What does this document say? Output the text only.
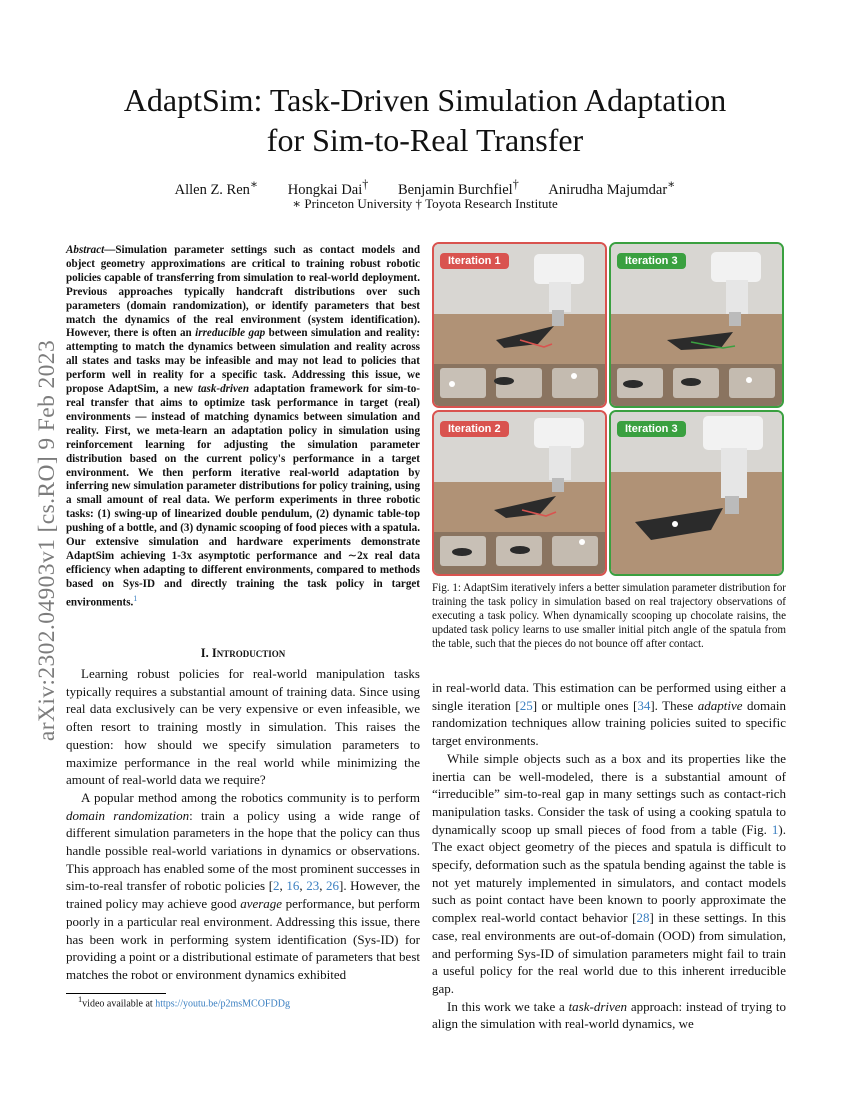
arXiv:2302.04903v1 [cs.RO] 9 Feb 2023
AdaptSim: Task-Driven Simulation Adaptation
for Sim-to-Real Transfer
Allen Z. Ren∗ Hongkai Dai† Benjamin Burchfiel† Anirudha Majumdar∗
∗ Princeton University † Toyota Research Institute

Abstract—Simulation parameter settings such as contact models and object geometry approximations are critical to training robust robotic policies capable of transferring from simulation to real-world deployment. Previous approaches typically handcraft distributions over such parameters (domain randomization), or identify parameters that best match the dynamics of the real environment (system identification). However, there is often an irreducible gap between simulation and reality: attempting to match the dynamics between simulation and reality across all states and tasks may be infeasible and may not lead to policies that perform well in reality for a specific task. Addressing this issue, we propose AdaptSim, a new task-driven adaptation framework for sim-to-real transfer that aims to optimize task performance in target (real) environments — instead of matching dynamics between simulation and reality. First, we meta-learn an adaptation policy in simulation using reinforcement learning for adjusting the simulation parameter distribution based on the current policy's performance in a target environment. We then perform iterative real-world adaptation by inferring new simulation parameter distributions for policy training, using a small amount of real data. We perform experiments in three robotic tasks: (1) swing-up of linearized double pendulum, (2) dynamic table-top pushing of a bottle, and (3) dynamic scooping of food pieces with a spatula. Our extensive simulation and hardware experiments demonstrate AdaptSim achieving 1-3x asymptotic performance and ∼2x real data efficiency when adapting to different environments, compared to methods based on Sys-ID and directly training the task policy in target environments.$^1$

I. Introduction

Learning robust policies for real-world manipulation tasks typically requires a substantial amount of training data. Since using real data exclusively can be very expensive or even infeasible, we often resort to training mostly in simulation. This raises the question: how should we specify simulation parameters to maximize performance in the real world while minimizing the amount of real-world data we require?

A popular method among the robotics community is to perform domain randomization: train a policy using a wide range of different simulation parameters in the hope that the policy can thus handle possible real-world variations in dynamics or observations. This approach has enabled some of the most prominent successes in sim-to-real transfer of robotic policies [2, 16, 23, 26]. However, the trained policy may achieve good average performance, but perform poorly in a particular real environment. Addressing this issue, there has been work in performing system identification (Sys-ID) for providing a point or a distributional estimate of parameters that best matches the robot or environment dynamics exhibited

$^1$video available at https://youtu.be/p2msMCOFDDg
Iteration 1	Iteration 3
Iteration 2	Iteration 3

Fig. 1: AdaptSim iteratively infers a better simulation parameter distribution for training the task policy in simulation based on real trajectory observations of executing a task policy. When dynamically scooping up chocolate raisins, the updated task policy learns to use smaller initial pitch angle of the spatula from the table, such that the pieces do not bounce off after contact.

in real-world data. This estimation can be performed using either a single iteration [25] or multiple ones [34]. These adaptive domain randomization techniques allow training policies suited to specific target environments.

While simple objects such as a box and its properties like the inertia can be well-modeled, there is a substantial amount of “irreducible” sim-to-real gap in many settings such as contact-rich manipulation tasks. Consider the task of using a cooking spatula to dynamically scoop up small pieces of food from a table (Fig. 1). The exact object geometry of the pieces and spatula is difficult to specify, deformation such as the spatula bending against the table is not yet maturely implemented in simulators, and contact models such as point contact have been known to poorly approximate the complex real-world contact behavior [28] in these settings. In this case, real environments are out-of-domain (OOD) from simulation, and performing Sys-ID of simulation parameters might fail to train a useful policy for the real world due to this inherent irreducible gap.

In this work we take a task-driven approach: instead of trying to align the simulation with real-world dynamics, we
